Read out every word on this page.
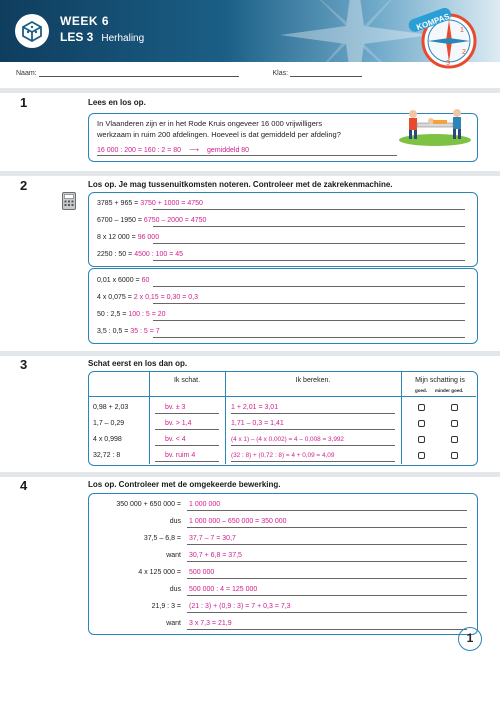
WEEK 6
LES 3 Herhaling
1
2
3
KOMPAS
Naam:	Klas:
1	Lees en los op.
In Vlaanderen zijn er in het Rode Kruis ongeveer 16 000 vrijwilligers
werkzaam in ruim 200 afdelingen. Hoeveel is dat gemiddeld per afdeling?
16 000 : 200 = 160 : 2 = 80 ⟶ gemiddeld 80
2	Los op. Je mag tussenuitkomsten noteren. Controleer met de zakrekenmachine.
3785 + 965 = 3750 + 1000 = 4750
6700 – 1950 = 6750 – 2000 = 4750
8 x 12 000 = 96 000
2250 : 50 = 4500 : 100 = 45
0,01 x 6000 = 60
4 x 0,075 = 2 x 0,15 = 0,30 = 0,3
50 : 2,5 = 100 : 5 = 20
3,5 : 0,5 = 35 : 5 = 7
3	Schat eerst en los dan op.
Ik schat.	Ik bereken.	Mijn schatting is
goed. minder goed.
0,98 + 2,03	bv. ± 3	1 + 2,01 = 3,01
1,7 – 0,29	bv. > 1,4	1,71 – 0,3 = 1,41
4 x 0,998	bv. < 4	(4 x 1) – (4 x 0,002) = 4 – 0,008 = 3,992
32,72 : 8	bv. ruim 4	(32 : 8) + (0,72 : 8) = 4 + 0,09 = 4,09
4	Los op. Controleer met de omgekeerde bewerking.
350 000 + 650 000 = 1 000 000
dus 1 000 000 – 650 000 = 350 000
37,5 – 6,8 = 37,7 – 7 = 30,7
want 30,7 + 6,8 = 37,5
4 x 125 000 = 500 000
dus 500 000 : 4 = 125 000
21,9 : 3 = (21 : 3) + (0,9 : 3) = 7 + 0,3 = 7,3
want 3 x 7,3 = 21,9
1
